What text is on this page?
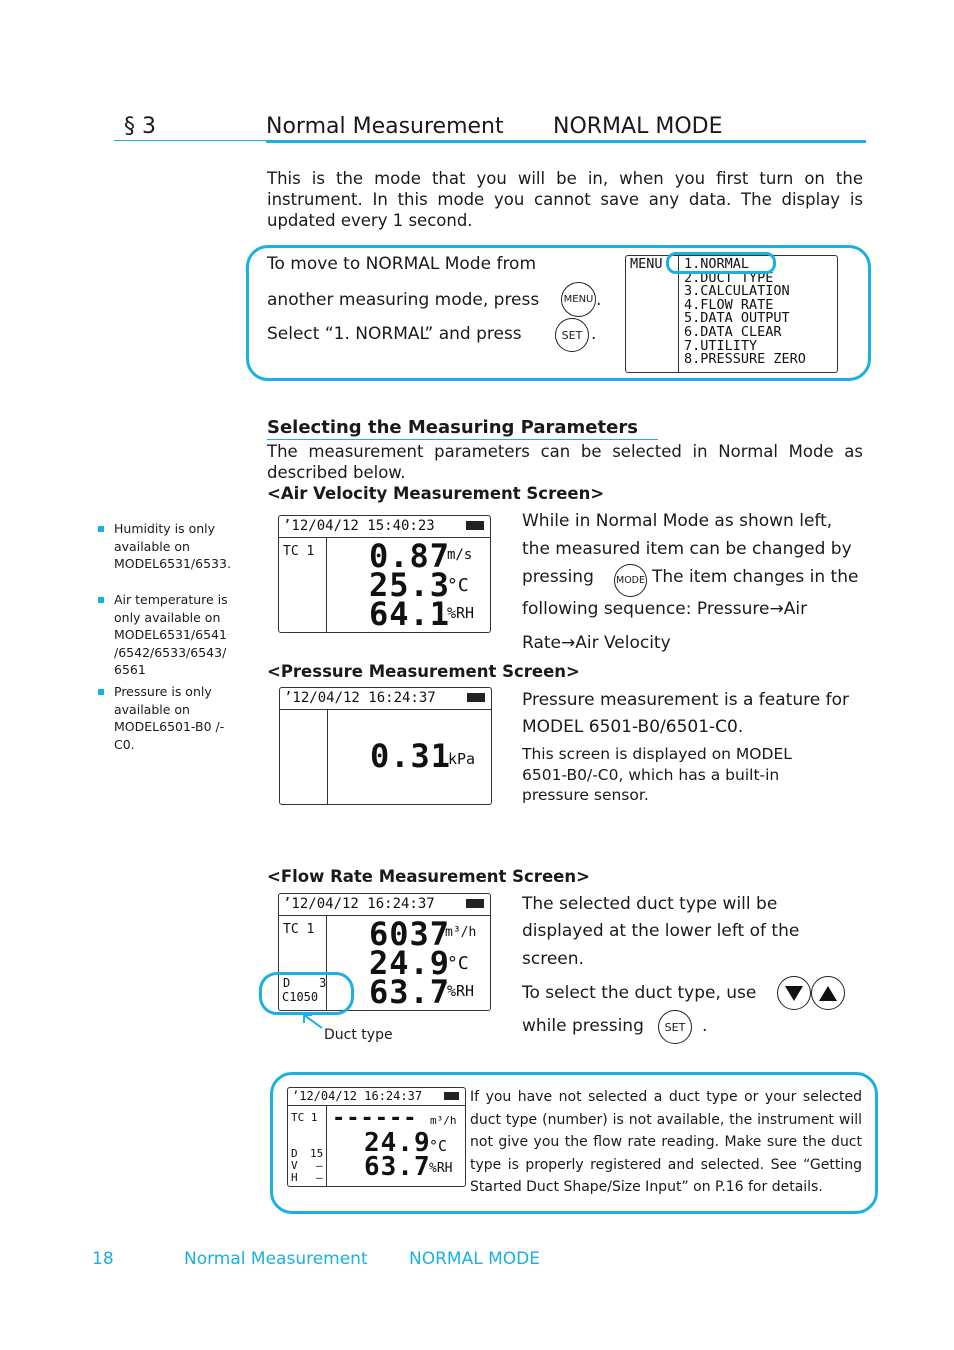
§ 3	Normal Measurement NORMAL MODE
This is the mode that you will be in, when you first turn on the instrument. In this mode you cannot save any data. The display is updated every 1 second.
To move to NORMAL Mode from
another measuring mode, press MENU .
Select “1. NORMAL” and press	SET .
MENU 1.NORMAL
2.DUCT TYPE
3.CALCULATION
4.FLOW RATE
5.DATA OUTPUT
6.DATA CLEAR
7.UTILITY
8.PRESSURE ZERO
Selecting the Measuring Parameters
The measurement parameters can be selected in Normal Mode as described below.
<Air Velocity Measurement Screen>
Humidity is only available on MODEL6531/6533.
Air temperature is only available on MODEL6531/6541 /6542/6533/6543/ 6561
Pressure is only available on MODEL6501-B0 /-C0.
’12/04/12 15:40:23
TC 1 0.87
m/s
25.3
°C
64.1
%RH
While in Normal Mode as shown left,
the measured item can be changed by
pressing MODE The item changes in the
following sequence: Pressure→Air
Rate→Air Velocity
<Pressure Measurement Screen>
’12/04/12 16:24:37
0.31
kPa
Pressure measurement is a feature for
MODEL 6501-B0/6501-C0.
This screen is displayed on MODEL 6501-B0/-C0, which has a built-in pressure sensor.
<Flow Rate Measurement Screen>
’12/04/12 16:24:37
TC 1
D    3
C1050
6037
m³/h
24.9
°C
63.7
%RH
Duct type
The selected duct type will be
displayed at the lower left of the
screen.
To select the duct type, use
while pressing	SET .
’12/04/12 16:24:37
TC 1
D 15
V –
H –
------ m³/h
24.9
°C
63.7
%RH
If you have not selected a duct type or your selected duct type (number) is not available, the instrument will not give you the flow rate reading. Make sure the duct type is properly registered and selected. See “Getting Started Duct Shape/Size Input” on P.16 for details.
18	Normal Measurement NORMAL MODE
